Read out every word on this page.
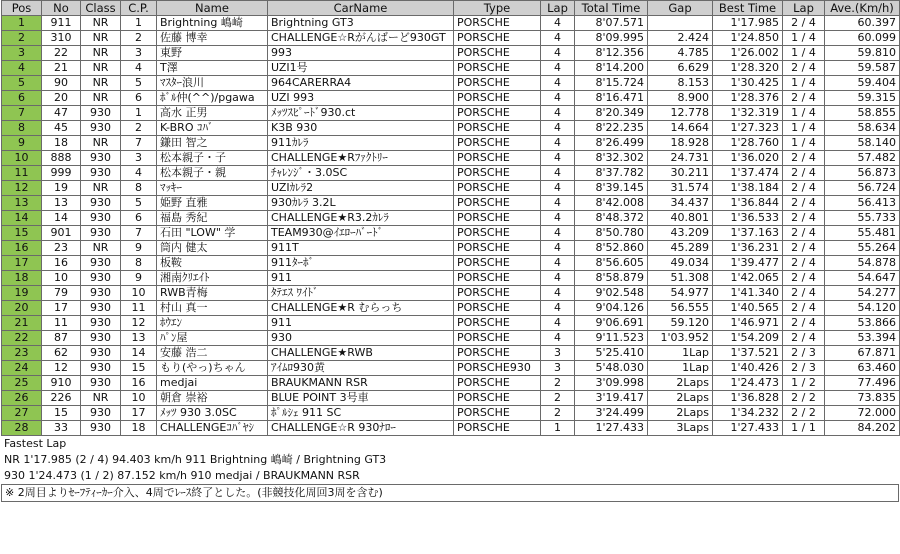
Pos	No	Class	C.P.	Name	CarName	Type	Lap	Total Time	Gap	Best Time	Lap	Ave.(Km/h)
1	911	NR	1	Brightning 嶋崎	Brightning GT3	PORSCHE	4	8'07.571		1'17.985	2 / 4	60.397
2	310	NR	2	佐藤 博幸	CHALLENGE☆Rがんばーど930GT	PORSCHE	4	8'09.995	2.424	1'24.850	1 / 4	60.099
3	22	NR	3	東野	993	PORSCHE	4	8'12.356	4.785	1'26.002	1 / 4	59.810
4	21	NR	4	T澤	UZI1号	PORSCHE	4	8'14.200	6.629	1'28.320	2 / 4	59.587
5	90	NR	5	ﾏｽﾀｰ浪川	964CARERRA4	PORSCHE	4	8'15.724	8.153	1'30.425	1 / 4	59.404
6	20	NR	6	ﾎﾞﾙ仲(^^)/pgawa	UZI 993	PORSCHE	4	8'16.471	8.900	1'28.376	2 / 4	59.315
7	47	930	1	高水 正男	ﾒｯﾂｽﾋﾟｰﾄﾞ930.ct	PORSCHE	4	8'20.349	12.778	1'32.319	1 / 4	58.855
8	45	930	2	K-BRO ｺﾊﾞ	K3B 930	PORSCHE	4	8'22.235	14.664	1'27.323	1 / 4	58.634
9	18	NR	7	鎌田 智之	911ｶﾚﾗ	PORSCHE	4	8'26.499	18.928	1'28.760	1 / 4	58.140
10	888	930	3	松本親子・子	CHALLENGE★Rﾌｧｸﾄﾘｰ	PORSCHE	4	8'32.302	24.731	1'36.020	2 / 4	57.482
11	999	930	4	松本親子・親	ﾁｬﾚﾝｼﾞ・3.0SC	PORSCHE	4	8'37.782	30.211	1'37.474	2 / 4	56.873
12	19	NR	8	ﾏｯｷｰ	UZIｶﾚﾗ2	PORSCHE	4	8'39.145	31.574	1'38.184	2 / 4	56.724
13	13	930	5	姫野 直雅	930ｶﾚﾗ 3.2L	PORSCHE	4	8'42.008	34.437	1'36.844	2 / 4	56.413
14	14	930	6	福島 秀紀	CHALLENGE★R3.2ｶﾚﾗ	PORSCHE	4	8'48.372	40.801	1'36.533	2 / 4	55.733
15	901	930	7	石田 "LOW" 学	TEAM930@ｲｴﾛｰﾊﾞｰﾄﾞ	PORSCHE	4	8'50.780	43.209	1'37.163	2 / 4	55.481
16	23	NR	9	筒内 健太	911T	PORSCHE	4	8'52.860	45.289	1'36.231	2 / 4	55.264
17	16	930	8	板鞍	911ﾀｰﾎﾞ	PORSCHE	4	8'56.605	49.034	1'39.477	2 / 4	54.878
18	10	930	9	湘南ｸﾘｴｲﾄ	911	PORSCHE	4	8'58.879	51.308	1'42.065	2 / 4	54.647
19	79	930	10	RWB青梅	ﾀﾃｴｽ ﾜｲﾄﾞ	PORSCHE	4	9'02.548	54.977	1'41.340	2 / 4	54.277
20	17	930	11	村山 真一	CHALLENGE★R むらっち	PORSCHE	4	9'04.126	56.555	1'40.565	2 / 4	54.120
21	11	930	12	ﾎｳｴﾝ	911	PORSCHE	4	9'06.691	59.120	1'46.971	2 / 4	53.866
22	87	930	13	ﾊﾟﾝ屋	930	PORSCHE	4	9'11.523	1'03.952	1'54.209	2 / 4	53.394
23	62	930	14	安藤 浩二	CHALLENGE★RWB	PORSCHE	3	5'25.410	1Lap	1'37.521	2 / 3	67.871
24	12	930	15	もり(やっ)ちゃん	ｱｲﾑﾛ930黄	PORSCHE930	3	5'48.030	1Lap	1'40.426	2 / 3	63.460
25	910	930	16	medjai	BRAUKMANN RSR	PORSCHE	2	3'09.998	2Laps	1'24.473	1 / 2	77.496
26	226	NR	10	朝倉 崇裕	BLUE POINT 3号車	PORSCHE	2	3'19.417	2Laps	1'36.828	2 / 2	73.835
27	15	930	17	ﾒｯﾂ 930 3.0SC	ﾎﾟﾙｼｪ 911 SC	PORSCHE	2	3'24.499	2Laps	1'34.232	2 / 2	72.000
28	33	930	18	CHALLENGEｺﾊﾞﾔｼ	CHALLENGE☆R 930ﾅﾛｰ	PORSCHE	1	1'27.433	3Laps	1'27.433	1 / 1	84.202
Fastest Lap
NR 1'17.985 (2 / 4) 94.403 km/h 911 Brightning 嶋崎 / Brightning GT3
930 1'24.473 (1 / 2) 87.152 km/h 910 medjai / BRAUKMANN RSR
※ 2周目よりｾｰﾌﾃｨｰｶｰ介入、4周でﾚｰｽ終了とした。(非競技化周回3周を含む)
